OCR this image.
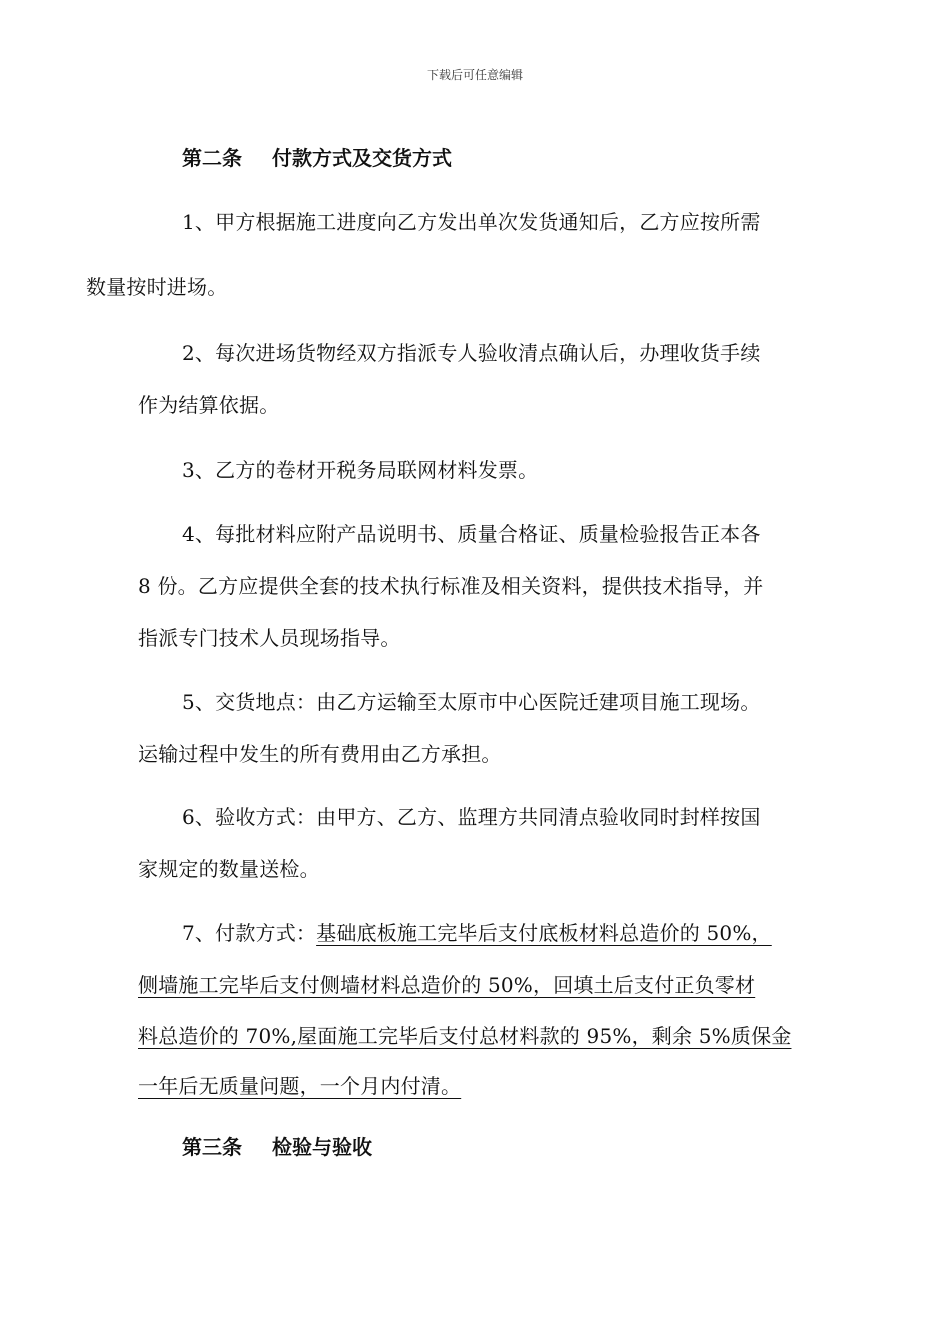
下载后可任意编辑
第二条 付款方式及交货方式
1、甲方根据施工进度向乙方发出单次发货通知后，乙方应按所需
数量按时进场。
2、每次进场货物经双方指派专人验收清点确认后，办理收货手续
作为结算依据。
3、乙方的卷材开税务局联网材料发票。
4、每批材料应附产品说明书、质量合格证、质量检验报告正本各
8 份。乙方应提供全套的技术执行标准及相关资料，提供技术指导，并
指派专门技术人员现场指导。
5、交货地点：由乙方运输至太原市中心医院迁建项目施工现场。
运输过程中发生的所有费用由乙方承担。
6、验收方式：由甲方、乙方、监理方共同清点验收同时封样按国
家规定的数量送检。
7、付款方式：基础底板施工完毕后支付底板材料总造价的 50%，
侧墙施工完毕后支付侧墙材料总造价的 50%，回填土后支付正负零材
料总造价的 70%,屋面施工完毕后支付总材料款的 95%，剩余 5%质保金
一年后无质量问题，一个月内付清。
第三条 检验与验收
